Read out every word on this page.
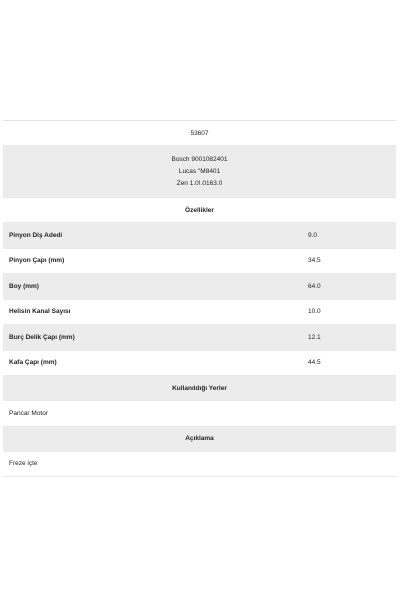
53607
Bosch 9001082401
Lucas "M8401
Zen 1.0!.0163.0
Özellikler
Pinyon Diş Adedi	9.0
Pinyon Çapı (mm)	34.5
Boy (mm)	64.0
Helisin Kanal Sayısı	10.0
Burç Delik Çapı (mm)	12.1
Kafa Çapı (mm)	44.5
Kullanıldığı Yerler
Pancar Motor
Açıklama
Freze içte
